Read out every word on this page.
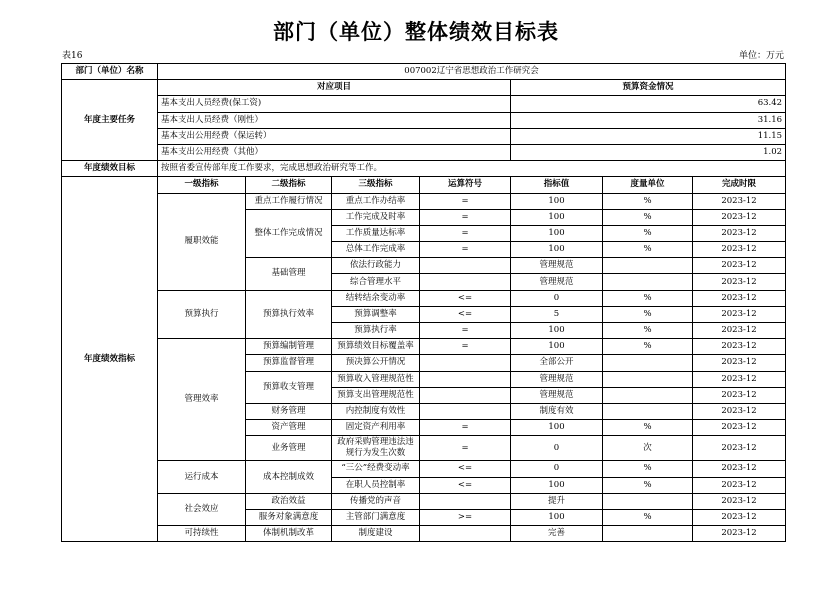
部门（单位）整体绩效目标表
表16	单位：万元
部门（单位）名称	007002辽宁省思想政治工作研究会						
年度主要任务	对应项目				预算资金情况		
	基本支出人员经费(保工资)				63.42		
	基本支出人员经费（刚性）				31.16		
	基本支出公用经费（保运转）				11.15		
	基本支出公用经费（其他）				1.02		
年度绩效目标	按照省委宣传部年度工作要求，完成思想政治研究等工作。						
年度绩效指标	一级指标	二级指标	三级指标	运算符号	指标值	度量单位	完成时限
	履职效能	重点工作履行情况	重点工作办结率	=	100	%	2023-12
		整体工作完成情况	工作完成及时率	=	100	%	2023-12
			工作质量达标率	=	100	%	2023-12
			总体工作完成率	=	100	%	2023-12
		基础管理	依法行政能力		管理规范		2023-12
			综合管理水平		管理规范		2023-12
	预算执行	预算执行效率	结转结余变动率	<=	0	%	2023-12
			预算调整率	<=	5	%	2023-12
			预算执行率	=	100	%	2023-12
	管理效率	预算编制管理	预算绩效目标覆盖率	=	100	%	2023-12
		预算监督管理	预决算公开情况		全部公开		2023-12
		预算收支管理	预算收入管理规范性		管理规范		2023-12
			预算支出管理规范性		管理规范		2023-12
		财务管理	内控制度有效性		制度有效		2023-12
		资产管理	固定资产利用率	=	100	%	2023-12
		业务管理	政府采购管理违法违规行为发生次数	=	0	次	2023-12
	运行成本	成本控制成效	“三公”经费变动率	<=	0	%	2023-12
			在职人员控制率	<=	100	%	2023-12
	社会效应	政治效益	传播党的声音		提升		2023-12
		服务对象满意度	主管部门满意度	>=	100	%	2023-12
	可持续性	体制机制改革	制度建设		完善		2023-12
